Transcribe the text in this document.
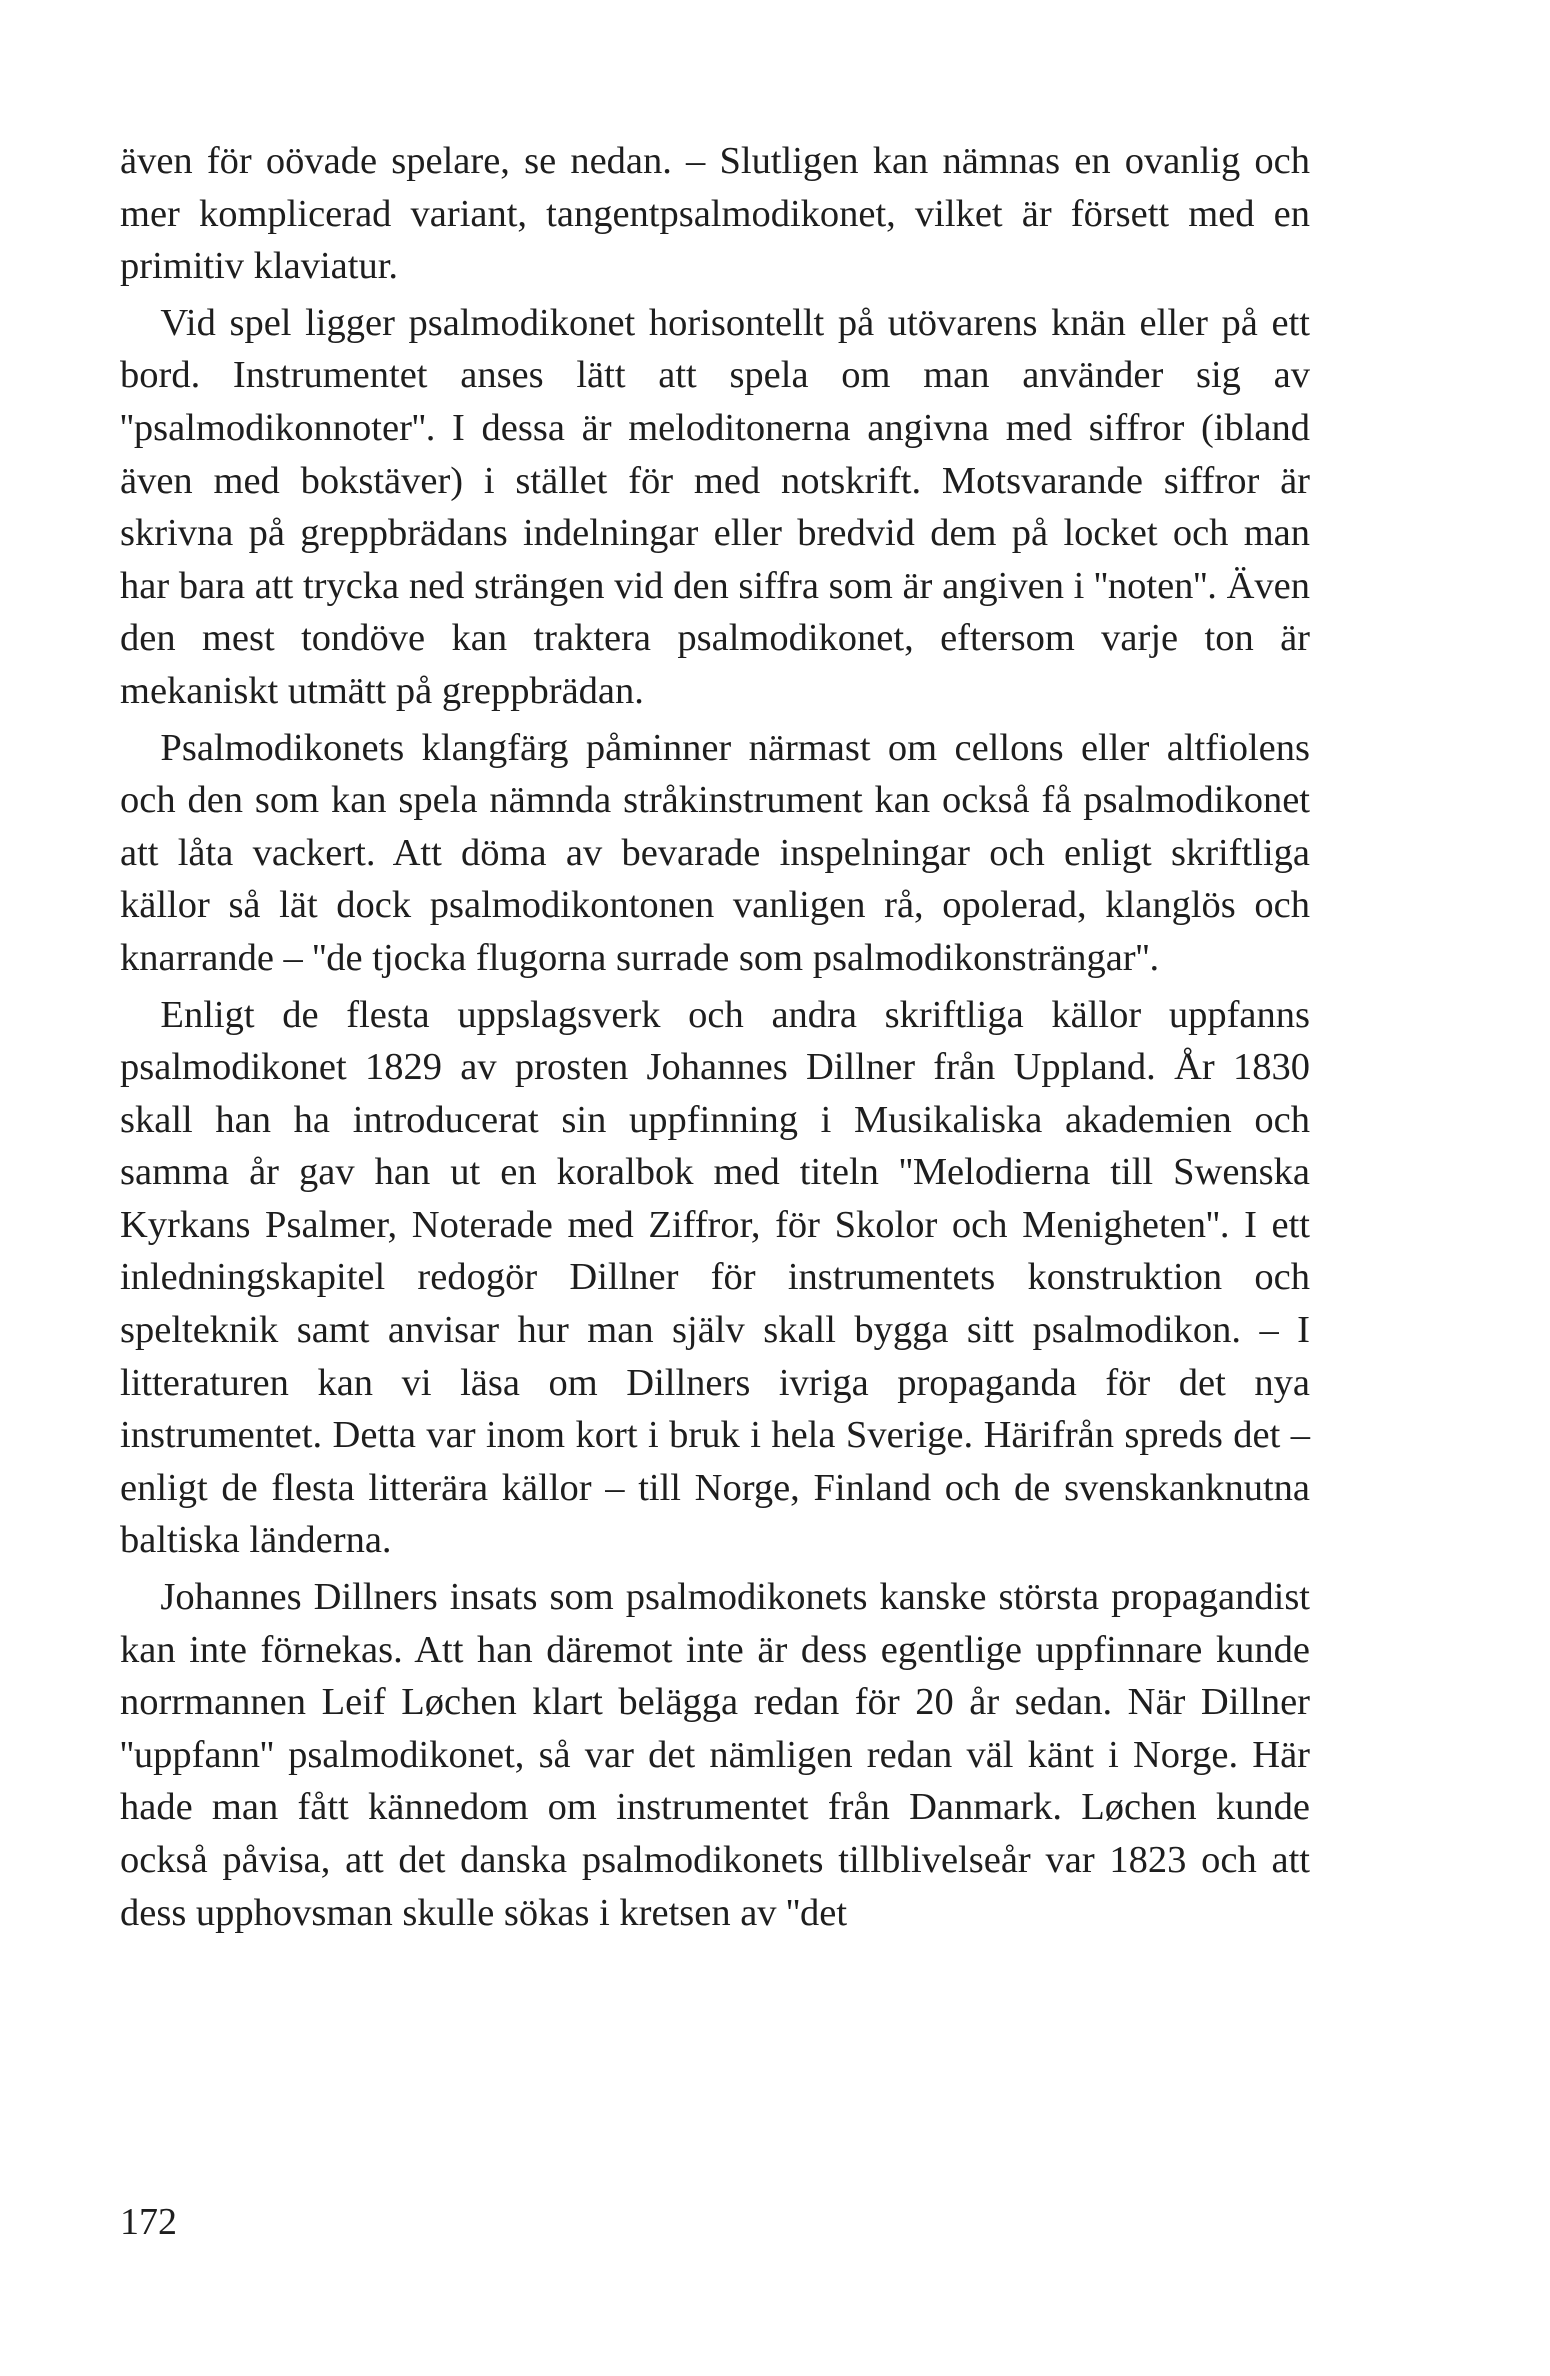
även för oövade spelare, se nedan. – Slutligen kan nämnas en ovanlig och mer komplicerad variant, tangentpsalmodikonet, vilket är försett med en primitiv klaviatur.

Vid spel ligger psalmodikonet horisontellt på utövarens knän eller på ett bord. Instrumentet anses lätt att spela om man använder sig av ''psalmodikonnoter''. I dessa är meloditonerna angivna med siffror (ibland även med bokstäver) i stället för med notskrift. Motsvarande siffror är skrivna på greppbrädans indelningar eller bredvid dem på locket och man har bara att trycka ned strängen vid den siffra som är angiven i ''noten''. Även den mest tondöve kan traktera psalmodikonet, eftersom varje ton är mekaniskt utmätt på greppbrädan.

Psalmodikonets klangfärg påminner närmast om cellons eller altfiolens och den som kan spela nämnda stråkinstrument kan också få psalmodikonet att låta vackert. Att döma av bevarade inspelningar och enligt skriftliga källor så lät dock psalmodikontonen vanligen rå, opolerad, klanglös och knarrande – ''de tjocka flugorna surrade som psalmodikonsträngar''.

Enligt de flesta uppslagsverk och andra skriftliga källor uppfanns psalmodikonet 1829 av prosten Johannes Dillner från Uppland. År 1830 skall han ha introducerat sin uppfinning i Musikaliska akademien och samma år gav han ut en koralbok med titeln ''Melodierna till Swenska Kyrkans Psalmer, Noterade med Ziffror, för Skolor och Menigheten''. I ett inledningskapitel redogör Dillner för instrumentets konstruktion och spelteknik samt anvisar hur man själv skall bygga sitt psalmodikon. – I litteraturen kan vi läsa om Dillners ivriga propaganda för det nya instrumentet. Detta var inom kort i bruk i hela Sverige. Härifrån spreds det – enligt de flesta litterära källor – till Norge, Finland och de svenskanknutna baltiska länderna.

Johannes Dillners insats som psalmodikonets kanske största propagandist kan inte förnekas. Att han däremot inte är dess egentlige uppfinnare kunde norrmannen Leif Løchen klart belägga redan för 20 år sedan. När Dillner ''uppfann'' psalmodikonet, så var det nämligen redan väl känt i Norge. Här hade man fått kännedom om instrumentet från Danmark. Løchen kunde också påvisa, att det danska psalmodikonets tillblivelseår var 1823 och att dess upphovsman skulle sökas i kretsen av ''det

172
